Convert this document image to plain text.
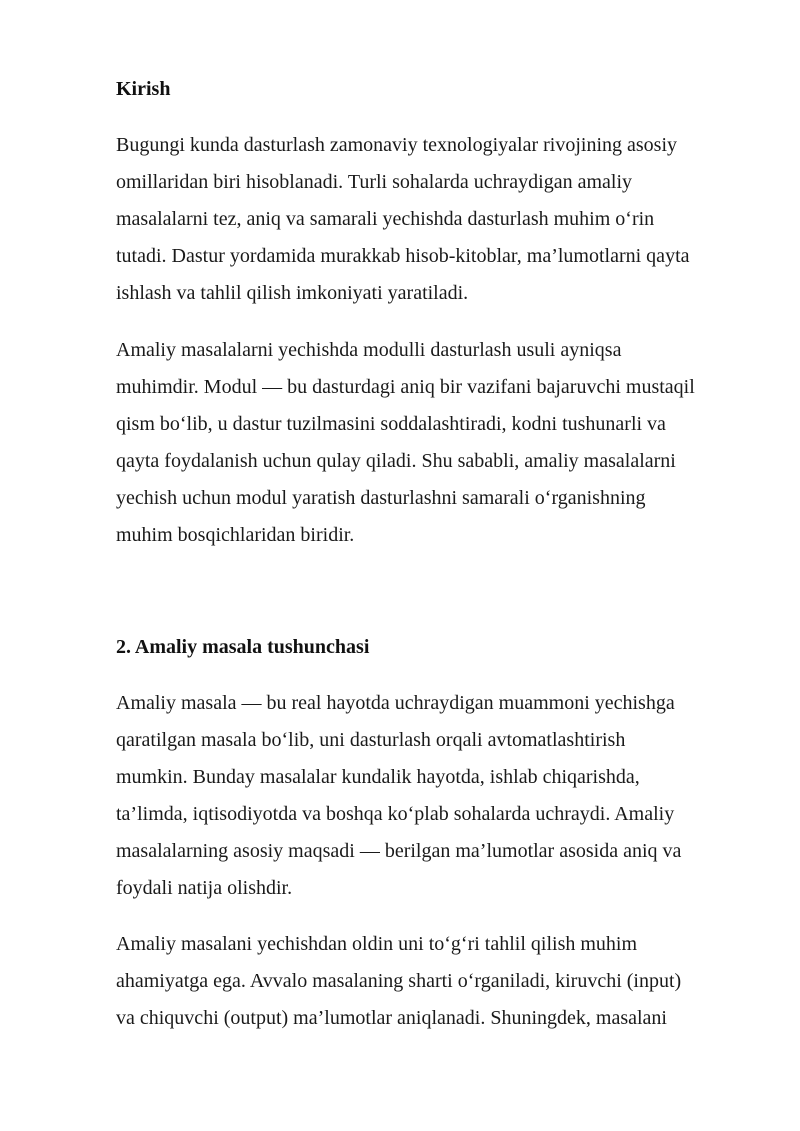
Kirish
Bugungi kunda dasturlash zamonaviy texnologiyalar rivojining asosiy
omillaridan biri hisoblanadi. Turli sohalarda uchraydigan amaliy
masalalarni tez, aniq va samarali yechishda dasturlash muhim o‘rin
tutadi. Dastur yordamida murakkab hisob-kitoblar, ma’lumotlarni qayta
ishlash va tahlil qilish imkoniyati yaratiladi.
Amaliy masalalarni yechishda modulli dasturlash usuli ayniqsa
muhimdir. Modul — bu dasturdagi aniq bir vazifani bajaruvchi mustaqil
qism bo‘lib, u dastur tuzilmasini soddalashtiradi, kodni tushunarli va
qayta foydalanish uchun qulay qiladi. Shu sababli, amaliy masalalarni
yechish uchun modul yaratish dasturlashni samarali o‘rganishning
muhim bosqichlaridan biridir.
2. Amaliy masala tushunchasi
Amaliy masala — bu real hayotda uchraydigan muammoni yechishga
qaratilgan masala bo‘lib, uni dasturlash orqali avtomatlashtirish
mumkin. Bunday masalalar kundalik hayotda, ishlab chiqarishda,
ta’limda, iqtisodiyotda va boshqa ko‘plab sohalarda uchraydi. Amaliy
masalalarning asosiy maqsadi — berilgan ma’lumotlar asosida aniq va
foydali natija olishdir.
Amaliy masalani yechishdan oldin uni to‘g‘ri tahlil qilish muhim
ahamiyatga ega. Avvalo masalaning sharti o‘rganiladi, kiruvchi (input)
va chiquvchi (output) ma’lumotlar aniqlanadi. Shuningdek, masalani
